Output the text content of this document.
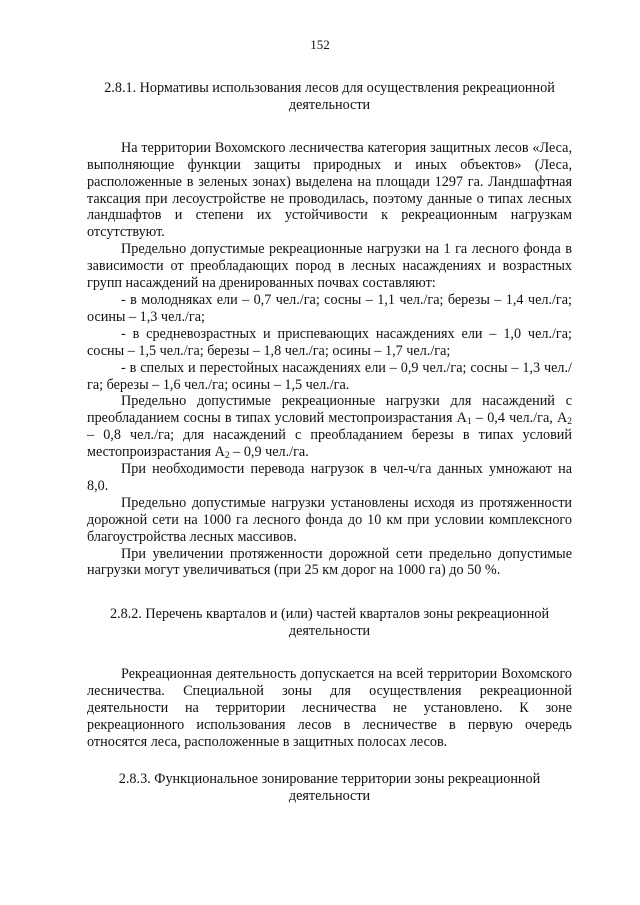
152
2.8.1. Нормативы использования лесов для осуществления рекреационной деятельности

На территории Вохомского лесничества категория защитных лесов «Леса, выполняющие функции защиты природных и иных объектов» (Леса, расположенные в зеленых зонах) выделена на площади 1297 га. Ландшафтная таксация при лесоустройстве не проводилась, поэтому данные о типах лесных ландшафтов и степени их устойчивости к рекреационным нагрузкам отсутствуют.

Предельно допустимые рекреационные нагрузки на 1 га лесного фонда в зависимости от преобладающих пород в лесных насаждениях и возрастных групп насаждений на дренированных почвах составляют:

- в молодняках ели – 0,7 чел./га; сосны – 1,1 чел./га; березы – 1,4 чел./га; осины – 1,3 чел./га;

- в средневозрастных и приспевающих насаждениях ели – 1,0 чел./га; сосны – 1,5 чел./га; березы – 1,8 чел./га; осины – 1,7 чел./га;

- в спелых и перестойных насаждениях ели – 0,9 чел./га; сосны – 1,3 чел./га; березы – 1,6 чел./га; осины – 1,5 чел./га.

Предельно допустимые рекреационные нагрузки для насаждений с преобладанием сосны в типах условий местопроизрастания $А_1 - 0,4$ чел./га, $А_2 - 0,8$ чел./га; для насаждений с преобладанием березы в типах условий местопроизрастания $А_2 - 0,9$ чел./га.

При необходимости перевода нагрузок в чел-ч/га данных умножают на 8,0.

Предельно допустимые нагрузки установлены исходя из протяженности дорожной сети на 1000 га лесного фонда до 10 км при условии комплексного благоустройства лесных массивов.

При увеличении протяженности дорожной сети предельно допустимые нагрузки могут увеличиваться (при 25 км дорог на 1000 га) до 50 %.

2.8.2. Перечень кварталов и (или) частей кварталов зоны рекреационной деятельности

Рекреационная деятельность допускается на всей территории Вохомского лесничества. Специальной зоны для осуществления рекреационной деятельности на территории лесничества не установлено. К зоне рекреационного использования лесов в лесничестве в первую очередь относятся леса, расположенные в защитных полосах лесов.

2.8.3. Функциональное зонирование территории зоны рекреационной деятельности
